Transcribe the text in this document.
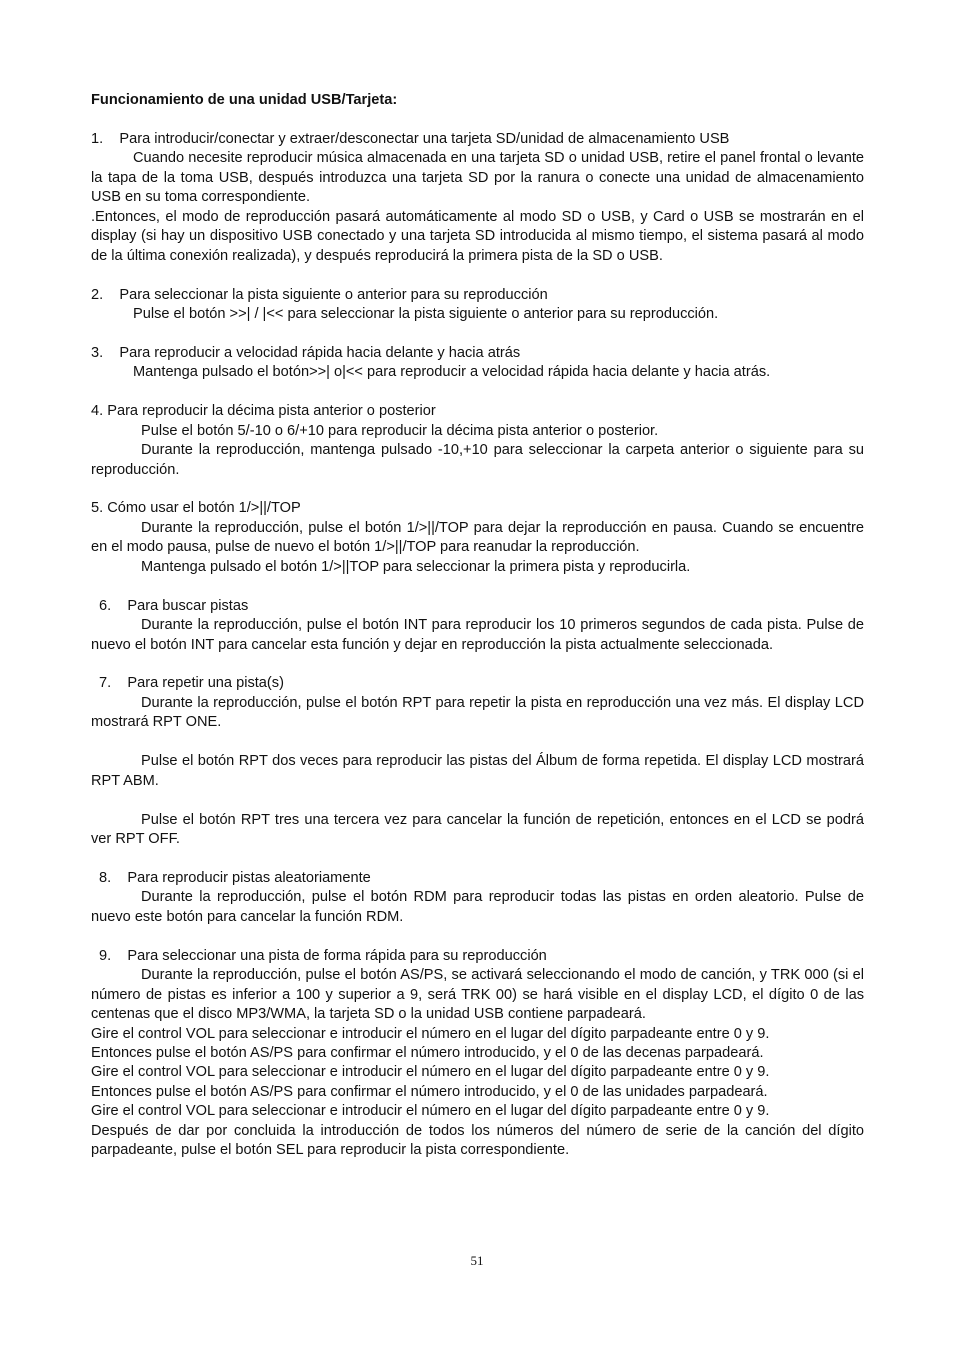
Funcionamiento de una unidad USB/Tarjeta:

1.    Para introducir/conectar y extraer/desconectar una tarjeta SD/unidad de almacenamiento USB

Cuando necesite reproducir música almacenada en una tarjeta SD o unidad USB, retire el panel frontal o levante la tapa de la toma USB, después introduzca una tarjeta SD por la ranura o conecte una unidad de almacenamiento USB en su toma correspondiente.

.Entonces, el modo de reproducción pasará automáticamente al modo SD o USB, y Card o USB se mostrarán en el display (si hay un dispositivo USB conectado y una tarjeta SD introducida al mismo tiempo, el sistema pasará al modo de la última conexión realizada), y después reproducirá la primera pista de la SD o USB.

2.    Para seleccionar la pista siguiente o anterior para su reproducción

Pulse el botón >>| / |<< para seleccionar la pista siguiente o anterior para su reproducción.

3.    Para reproducir a velocidad rápida hacia delante y hacia atrás

Mantenga pulsado el botón>>| o|<< para reproducir a velocidad rápida hacia delante y hacia atrás.

4. Para reproducir la décima pista anterior o posterior

Pulse el botón 5/-10 o 6/+10 para reproducir la décima pista anterior o posterior.

Durante la reproducción, mantenga pulsado -10,+10 para seleccionar la carpeta anterior o siguiente para su reproducción.

5. Cómo usar el botón 1/>||/TOP

Durante la reproducción, pulse el botón 1/>||/TOP para dejar la reproducción en pausa. Cuando se encuentre en el modo pausa, pulse de nuevo el botón 1/>||/TOP para reanudar la reproducción.

Mantenga pulsado el botón 1/>||TOP para seleccionar la primera pista y reproducirla.

6.    Para buscar pistas

Durante la reproducción, pulse el botón INT para reproducir los 10 primeros segundos de cada pista. Pulse de nuevo el botón INT para cancelar esta función y dejar en reproducción la pista actualmente seleccionada.

7.    Para repetir una pista(s)

Durante la reproducción, pulse el botón RPT para repetir la pista en reproducción una vez más. El display LCD mostrará RPT ONE.

Pulse el botón RPT dos veces para reproducir las pistas del Álbum de forma repetida. El display LCD mostrará RPT ABM.

Pulse el botón RPT tres una tercera vez para cancelar la función de repetición, entonces en el LCD se podrá ver RPT OFF.

8.    Para reproducir pistas aleatoriamente

Durante la reproducción, pulse el botón RDM para reproducir todas las pistas en orden aleatorio. Pulse de nuevo este botón para cancelar la función RDM.

9.    Para seleccionar una pista de forma rápida para su reproducción

Durante la reproducción, pulse el botón AS/PS, se activará seleccionando el modo de canción, y TRK 000 (si el número de pistas es inferior a 100 y superior a 9, será TRK 00) se hará visible en el display LCD, el dígito 0 de las centenas que el disco MP3/WMA, la tarjeta SD o la unidad USB contiene parpadeará.

Gire el control VOL para seleccionar e introducir el número en el lugar del dígito parpadeante entre 0 y 9.

Entonces pulse el botón AS/PS para confirmar el número introducido, y el 0 de las decenas parpadeará.

Gire el control VOL para seleccionar e introducir el número en el lugar del dígito parpadeante entre 0 y 9.

Entonces pulse el botón AS/PS para confirmar el número introducido, y el 0 de las unidades parpadeará.

Gire el control VOL para seleccionar e introducir el número en el lugar del dígito parpadeante entre 0 y 9.

Después de dar por concluida la introducción de todos los números del número de serie de la canción del dígito parpadeante, pulse el botón SEL para reproducir la pista correspondiente.

51
